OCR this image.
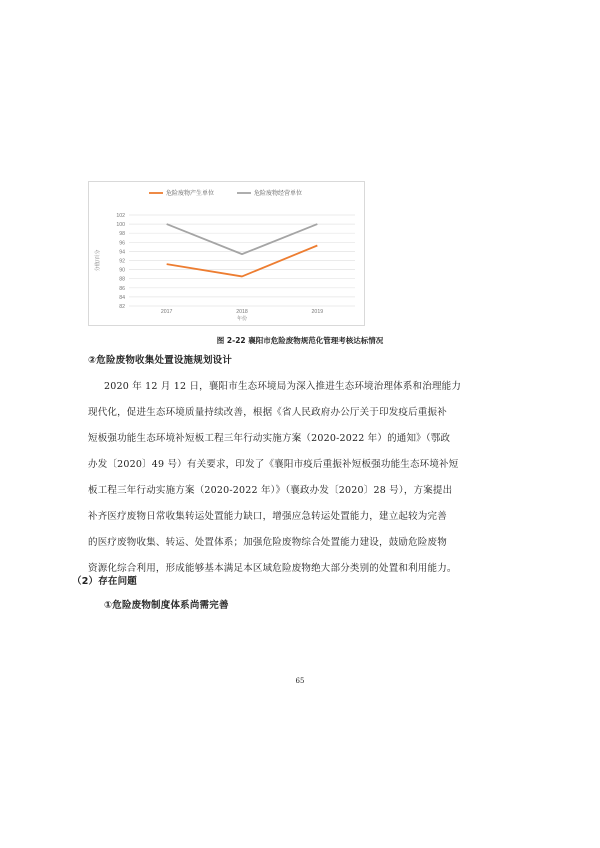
82
84
86
88
90
92
94
96
98
100
102
2017	2018	2019
年份
分值/百分
危险废物产生单位	危险废物经营单位
图 2-22 襄阳市危险废物规范化管理考核达标情况
②危险废物收集处置设施规划设计
2020 年 12 月 12 日，襄阳市生态环境局为深入推进生态环境治理体系和治理能力
现代化，促进生态环境质量持续改善，根据《省人民政府办公厅关于印发疫后重振补
短板强功能生态环境补短板工程三年行动实施方案（2020-2022 年）的通知》（鄂政
办发〔2020〕49 号）有关要求，印发了《襄阳市疫后重振补短板强功能生态环境补短
板工程三年行动实施方案（2020-2022 年）》（襄政办发〔2020〕28 号），方案提出
补齐医疗废物日常收集转运处置能力缺口，增强应急转运处置能力，建立起较为完善
的医疗废物收集、转运、处置体系；加强危险废物综合处置能力建设，鼓励危险废物
资源化综合利用，形成能够基本满足本区域危险废物绝大部分类别的处置和利用能力。
（2）存在问题
①危险废物制度体系尚需完善
65
